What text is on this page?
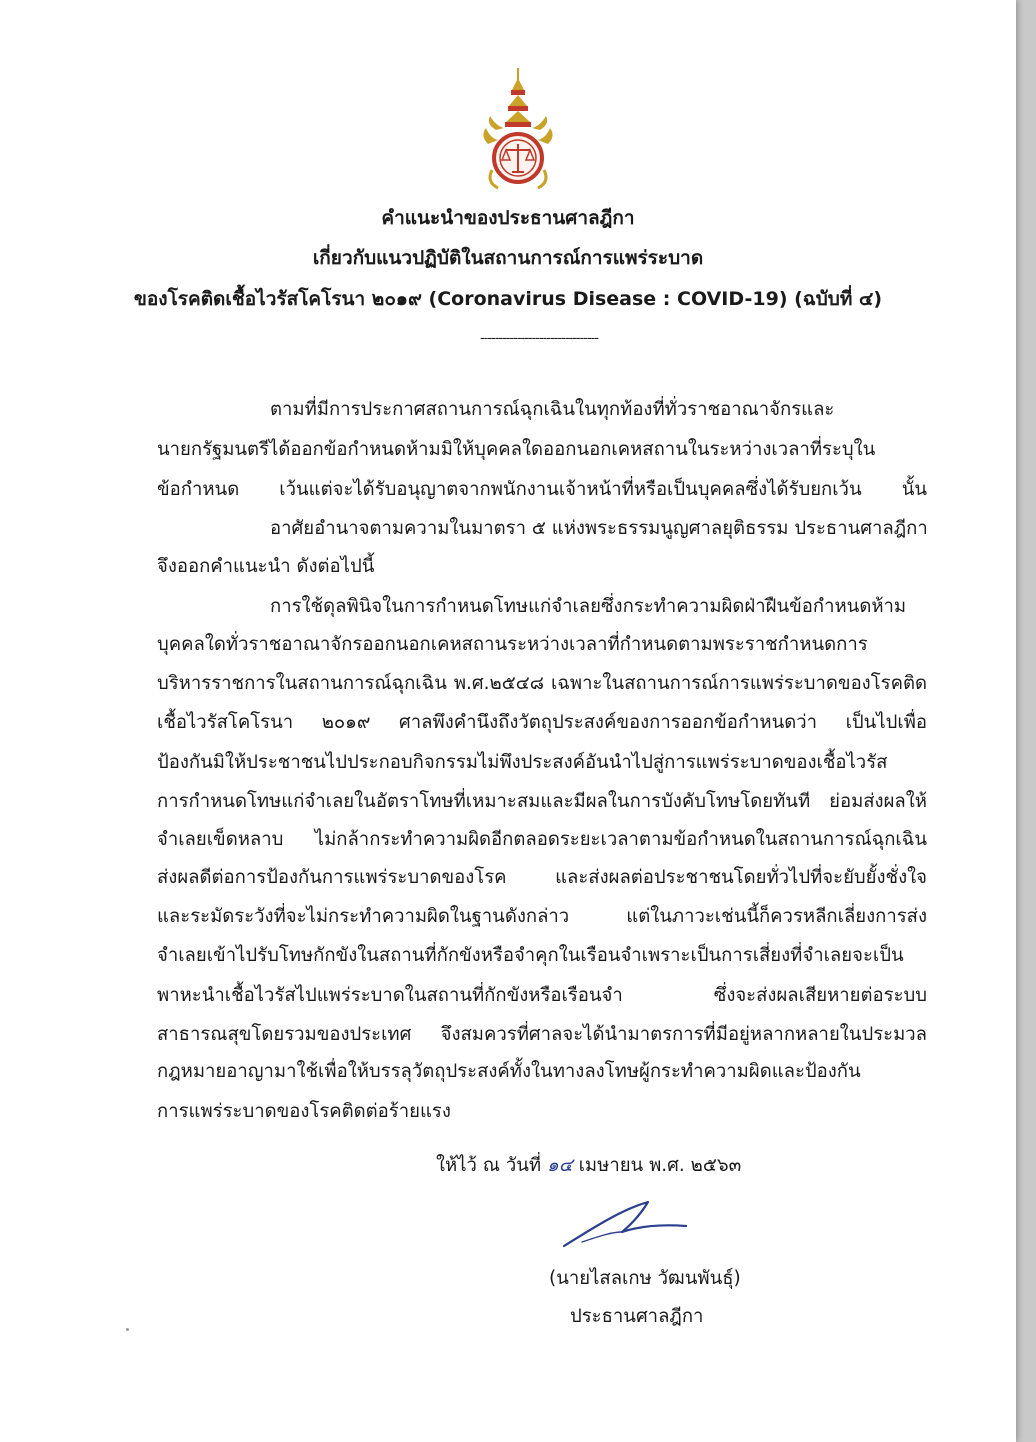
คำแนะนำของประธานศาลฎีกา
เกี่ยวกับแนวปฏิบัติในสถานการณ์การแพร่ระบาด
ของโรคติดเชื้อไวรัสโคโรนา ๒๐๑๙ (Coronavirus Disease : COVID-19) (ฉบับที่ ๔)
--------------------------------
ตามที่มีการประกาศสถานการณ์ฉุกเฉินในทุกท้องที่ทั่วราชอาณาจักรและ
นายกรัฐมนตรีได้ออกข้อกำหนดห้ามมิให้บุคคลใดออกนอกเคหสถานในระหว่างเวลาที่ระบุใน
ข้อกำหนด เว้นแต่จะได้รับอนุญาตจากพนักงานเจ้าหน้าที่หรือเป็นบุคคลซึ่งได้รับยกเว้น นั้น
อาศัยอำนาจตามความในมาตรา ๕ แห่งพระธรรมนูญศาลยุติธรรม ประธานศาลฎีกา
จึงออกคำแนะนำ ดังต่อไปนี้
การใช้ดุลพินิจในการกำหนดโทษแก่จำเลยซึ่งกระทำความผิดฝ่าฝืนข้อกำหนดห้าม
บุคคลใดทั่วราชอาณาจักรออกนอกเคหสถานระหว่างเวลาที่กำหนดตามพระราชกำหนดการ
บริหารราชการในสถานการณ์ฉุกเฉิน พ.ศ.๒๕๔๘ เฉพาะในสถานการณ์การแพร่ระบาดของโรคติด
เชื้อไวรัสโคโรนา ๒๐๑๙ ศาลพึงคำนึงถึงวัตถุประสงค์ของการออกข้อกำหนดว่า เป็นไปเพื่อ
ป้องกันมิให้ประชาชนไปประกอบกิจกรรมไม่พึงประสงค์อันนำไปสู่การแพร่ระบาดของเชื้อไวรัส
การกำหนดโทษแก่จำเลยในอัตราโทษที่เหมาะสมและมีผลในการบังคับโทษโดยทันที ย่อมส่งผลให้
จำเลยเข็ดหลาบ ไม่กล้ากระทำความผิดอีกตลอดระยะเวลาตามข้อกำหนดในสถานการณ์ฉุกเฉิน
ส่งผลดีต่อการป้องกันการแพร่ระบาดของโรค และส่งผลต่อประชาชนโดยทั่วไปที่จะยับยั้งชั่งใจ
และระมัดระวังที่จะไม่กระทำความผิดในฐานดังกล่าว แต่ในภาวะเช่นนี้ก็ควรหลีกเลี่ยงการส่ง
จำเลยเข้าไปรับโทษกักขังในสถานที่กักขังหรือจำคุกในเรือนจำเพราะเป็นการเสี่ยงที่จำเลยจะเป็น
พาหะนำเชื้อไวรัสไปแพร่ระบาดในสถานที่กักขังหรือเรือนจำ ซึ่งจะส่งผลเสียหายต่อระบบ
สาธารณสุขโดยรวมของประเทศ จึงสมควรที่ศาลจะได้นำมาตรการที่มีอยู่หลากหลายในประมวล
กฎหมายอาญามาใช้เพื่อให้บรรลุวัตถุประสงค์ทั้งในทางลงโทษผู้กระทำความผิดและป้องกัน
การแพร่ระบาดของโรคติดต่อร้ายแรง
ให้ไว้ ณ วันที่ ๑๔ เมษายน พ.ศ. ๒๕๖๓
(นายไสลเกษ วัฒนพันธุ์)
ประธานศาลฎีกา
